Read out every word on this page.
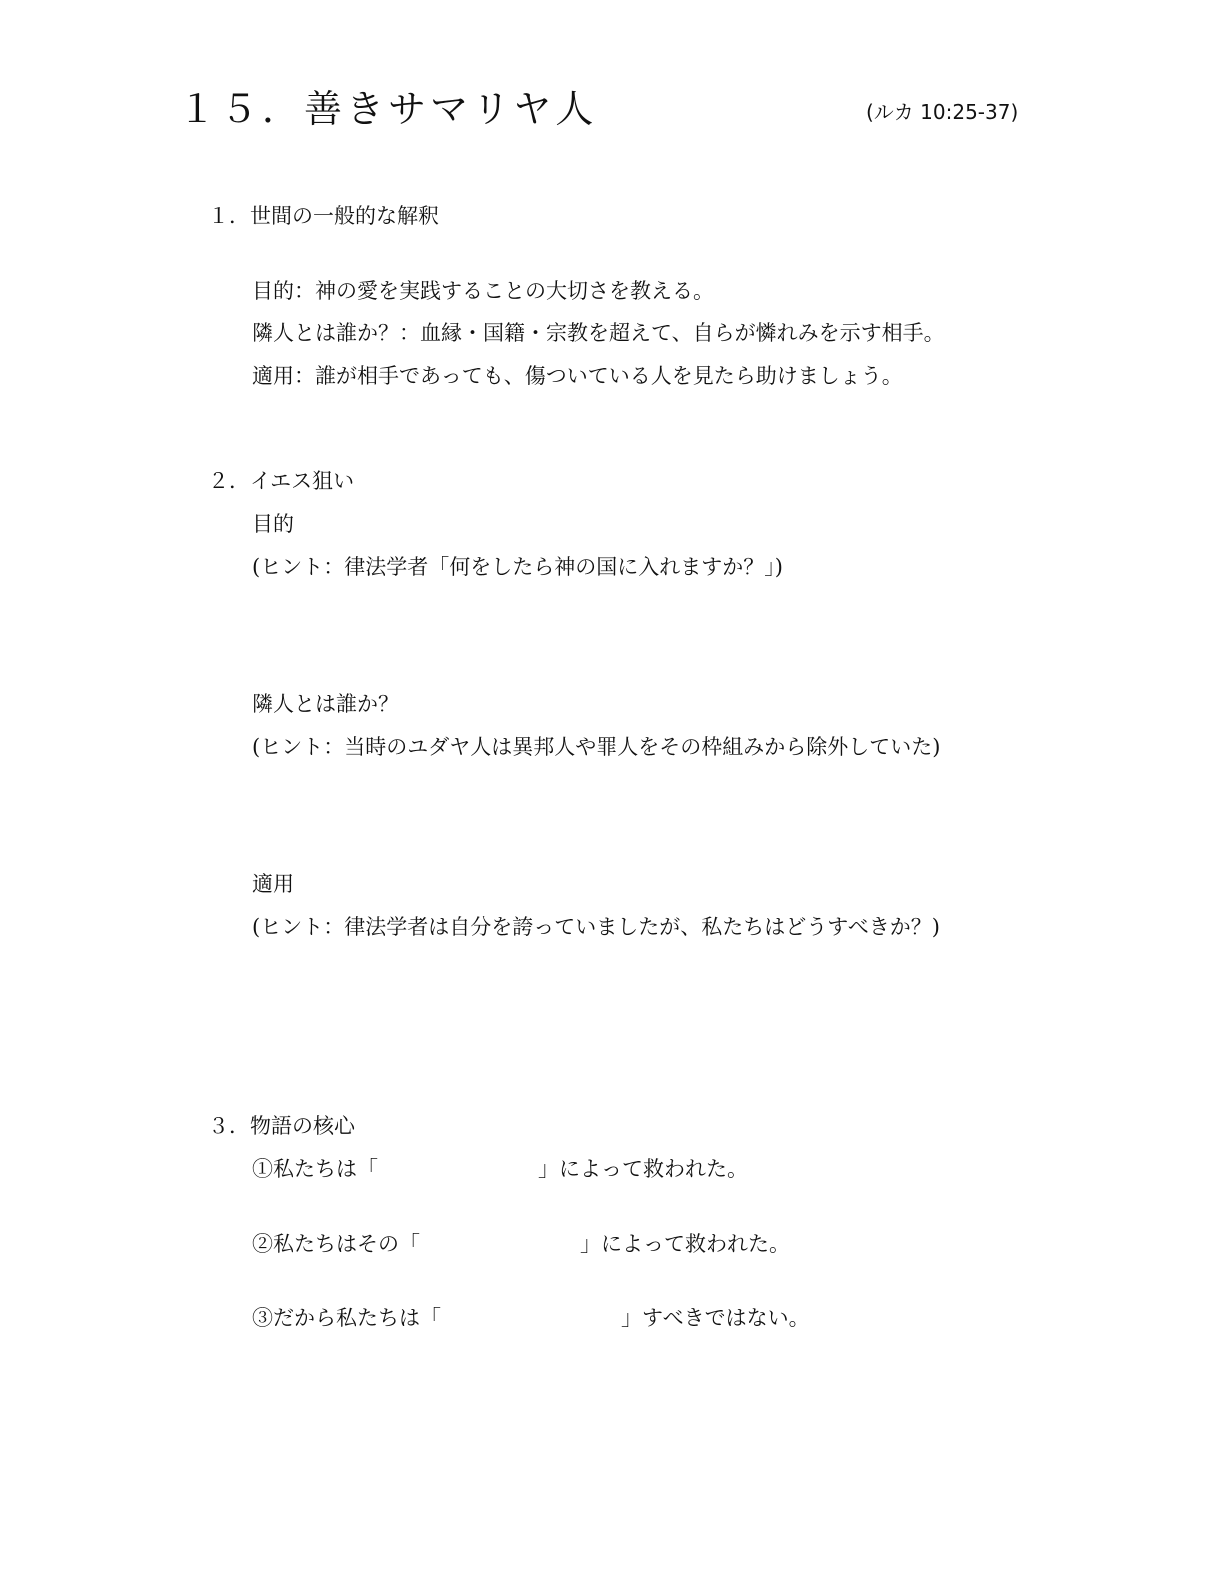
１５．善きサマリヤ人	(ルカ 10:25-37)
１．世間の一般的な解釈
目的：神の愛を実践することの大切さを教える。
隣人とは誰か？：血縁・国籍・宗教を超えて、自らが憐れみを示す相手。
適用：誰が相手であっても、傷ついている人を見たら助けましょう。
２．イエス狙い
目的
(ヒント：律法学者「何をしたら神の国に入れますか？」)
隣人とは誰か？
(ヒント：当時のユダヤ人は異邦人や罪人をその枠組みから除外していた)
適用
(ヒント：律法学者は自分を誇っていましたが、私たちはどうすべきか？)
３．物語の核心
①私たちは「	」によって救われた。
②私たちはその「	」によって救われた。
③だから私たちは「	」すべきではない。
